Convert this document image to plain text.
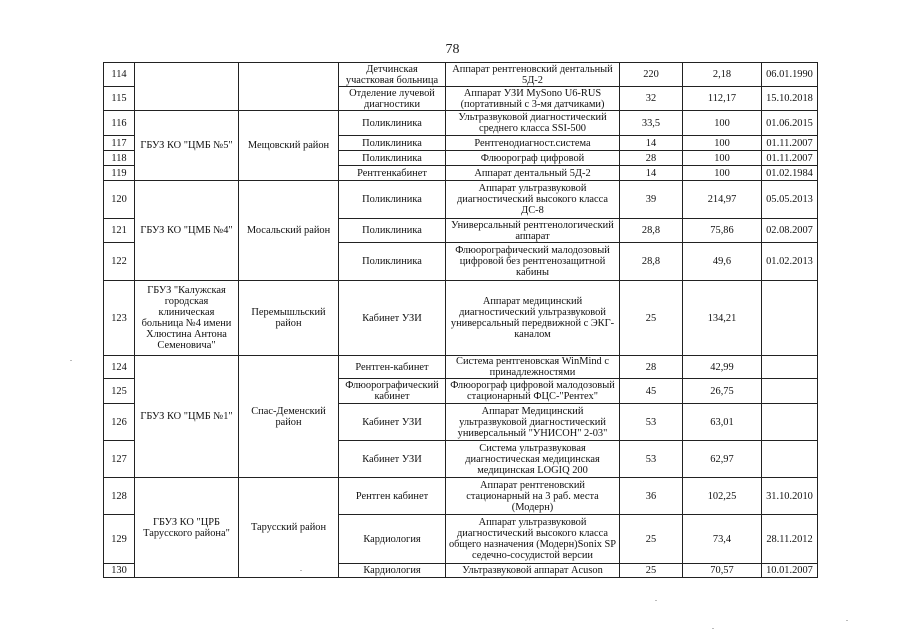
78
114			Детчинская участковая больница	Аппарат рентгеновский дентальный 5Д-2	220	2,18	06.01.1990
115			Отделение лучевой диагностики	Аппарат УЗИ MySono U6-RUS (портативный с 3-мя датчиками)	32	112,17	15.10.2018
116	ГБУЗ КО "ЦМБ №5"	Мещовский район	Поликлиника	Ультразвуковой диагностический среднего класса SSI-500	33,5	100	01.06.2015
117			Поликлиника	Рентгенодиагност.система	14	100	01.11.2007
118			Поликлиника	Флюорограф цифровой	28	100	01.11.2007
119			Рентгенкабинет	Аппарат дентальный 5Д-2	14	100	01.02.1984
120	ГБУЗ КО "ЦМБ №4"	Мосальский район	Поликлиника	Аппарат ультразвуковой диагностический высокого класса ДС-8	39	214,97	05.05.2013
121			Поликлиника	Универсальный рентгенологический аппарат	28,8	75,86	02.08.2007
122			Поликлиника	Флюорографический малодозовый цифровой без рентгенозащитной кабины	28,8	49,6	01.02.2013
123	ГБУЗ "Калужская городская клиническая больница №4 имени Хлюстина Антона Семеновича"	Перемышльский район	Кабинет УЗИ	Аппарат медицинский диагностический ультразвуковой универсальный передвижной с ЭКГ-каналом	25	134,21	
124	ГБУЗ КО "ЦМБ №1"	Спас-Деменский район	Рентген-кабинет	Система рентгеновская WinMind с принадлежностями	28	42,99	
125			Флюорографический кабинет	Флюорограф цифровой малодозовый стационарный ФЦС-"Рентех"	45	26,75	
126			Кабинет УЗИ	Аппарат Медицинский ультразвуковой диагностический универсальный "УНИСОН" 2-03"	53	63,01	
127			Кабинет УЗИ	Система ультразвуковая диагностическая медицинская медицинская LOGIQ 200	53	62,97	
128	ГБУЗ КО "ЦРБ Тарусского района"	Тарусский район	Рентген кабинет	Аппарат рентгеновский стационарный на 3 раб. места (Модерн)	36	102,25	31.10.2010
129			Кардиология	Аппарат ультразвуковой диагностический высокого класса общего назначения (Модерн)Sonix SP седечно-сосудистой версии	25	73,4	28.11.2012
130			Кардиология	Ультразвуковой аппарат Acuson	25	70,57	10.01.2007
